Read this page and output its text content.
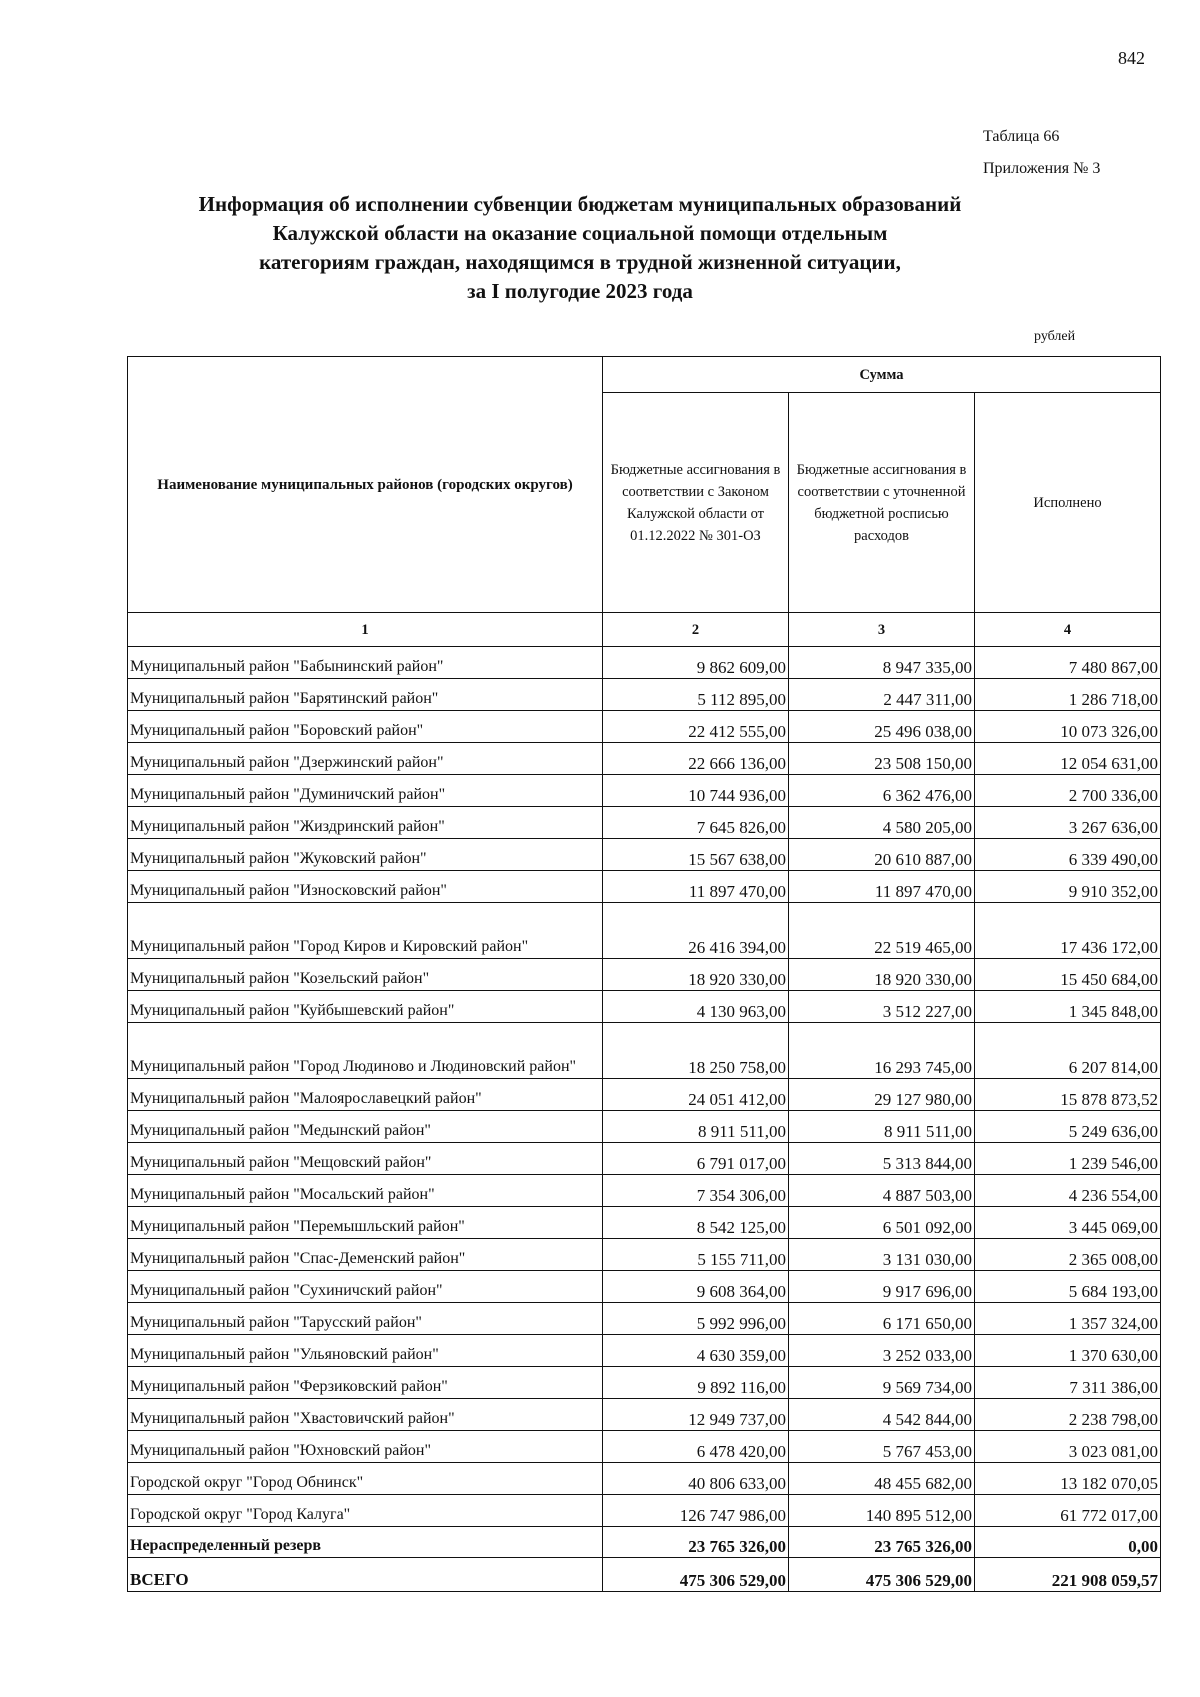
842
Таблица 66
Приложения № 3
Информация об исполнении субвенции бюджетам муниципальных образований
Калужской области на оказание социальной помощи отдельным
категориям граждан, находящимся в трудной жизненной ситуации,
за I полугодие 2023 года
рублей
Наименование муниципальных районов (городских округов)	Сумма		
	Бюджетные ассигнования в соответствии с Законом Калужской области от 01.12.2022 № 301-ОЗ	Бюджетные ассигнования в соответствии с уточненной бюджетной росписью расходов	Исполнено
1	2	3	4
Муниципальный район "Бабынинский район"	9 862 609,00	8 947 335,00	7 480 867,00
Муниципальный район "Барятинский район"	5 112 895,00	2 447 311,00	1 286 718,00
Муниципальный район "Боровский район"	22 412 555,00	25 496 038,00	10 073 326,00
Муниципальный район "Дзержинский район"	22 666 136,00	23 508 150,00	12 054 631,00
Муниципальный район "Думиничский район"	10 744 936,00	6 362 476,00	2 700 336,00
Муниципальный район "Жиздринский район"	7 645 826,00	4 580 205,00	3 267 636,00
Муниципальный район "Жуковский район"	15 567 638,00	20 610 887,00	6 339 490,00
Муниципальный район "Износковский район"	11 897 470,00	11 897 470,00	9 910 352,00
Муниципальный район "Город Киров и Кировский район"	26 416 394,00	22 519 465,00	17 436 172,00
Муниципальный район "Козельский район"	18 920 330,00	18 920 330,00	15 450 684,00
Муниципальный район "Куйбышевский район"	4 130 963,00	3 512 227,00	1 345 848,00
Муниципальный район "Город Людиново и Людиновский район"	18 250 758,00	16 293 745,00	6 207 814,00
Муниципальный район "Малоярославецкий район"	24 051 412,00	29 127 980,00	15 878 873,52
Муниципальный район "Медынский район"	8 911 511,00	8 911 511,00	5 249 636,00
Муниципальный район "Мещовский район"	6 791 017,00	5 313 844,00	1 239 546,00
Муниципальный район "Мосальский район"	7 354 306,00	4 887 503,00	4 236 554,00
Муниципальный район "Перемышльский район"	8 542 125,00	6 501 092,00	3 445 069,00
Муниципальный район "Спас-Деменский район"	5 155 711,00	3 131 030,00	2 365 008,00
Муниципальный район "Сухиничский район"	9 608 364,00	9 917 696,00	5 684 193,00
Муниципальный район "Тарусский район"	5 992 996,00	6 171 650,00	1 357 324,00
Муниципальный район "Ульяновский район"	4 630 359,00	3 252 033,00	1 370 630,00
Муниципальный район "Ферзиковский район"	9 892 116,00	9 569 734,00	7 311 386,00
Муниципальный район "Хвастовичский район"	12 949 737,00	4 542 844,00	2 238 798,00
Муниципальный район "Юхновский район"	6 478 420,00	5 767 453,00	3 023 081,00
Городской округ "Город Обнинск"	40 806 633,00	48 455 682,00	13 182 070,05
Городской округ "Город Калуга"	126 747 986,00	140 895 512,00	61 772 017,00
Нераспределенный резерв	23 765 326,00	23 765 326,00	0,00
ВСЕГО	475 306 529,00	475 306 529,00	221 908 059,57
